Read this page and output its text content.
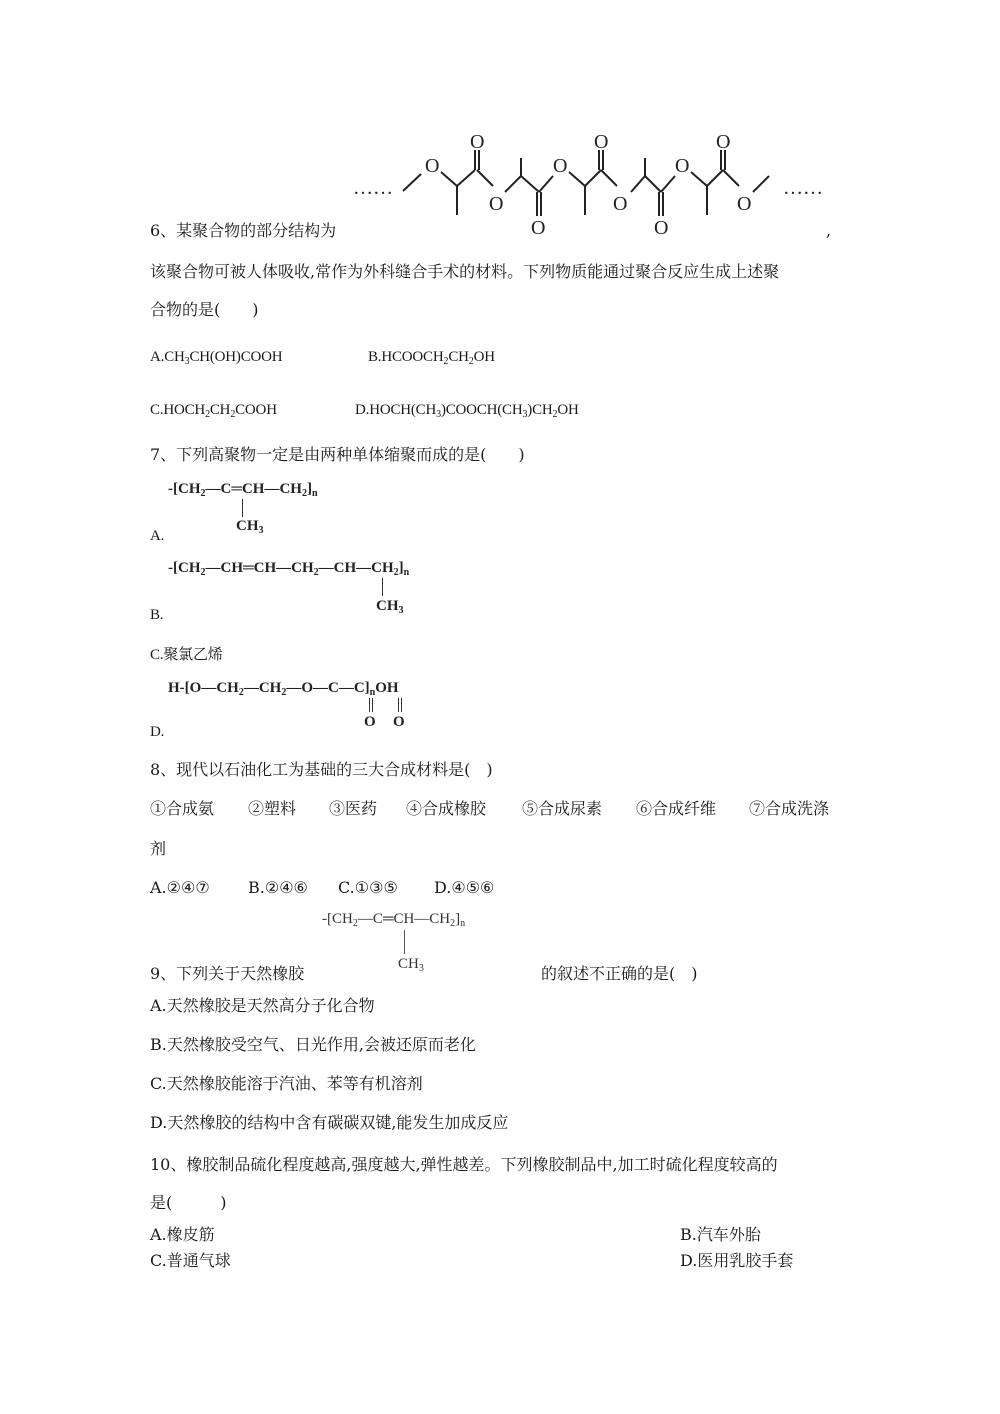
……
O
O
O
O
O
O
O
O
O
O
O
……
6、某聚合物的部分结构为	,
该聚合物可被人体吸收,常作为外科缝合手术的材料。下列物质能通过聚合反应生成上述聚
合物的是(　　)
$A.CH_3CH(OH)COOH$	$B.HCOOCH_2CH_2OH$
$C.HOCH_2CH_2COOH$	$D.HOCH(CH_3)COOCH(CH_3)CH_2OH$
7、下列高聚物一定是由两种单体缩聚而成的是(　　)
$-[CH_2—C═CH—CH_2]_n$
$CH_3$
A.
$-[CH_2—CH═CH—CH_2—CH—CH_2]_n$
$CH_3$
B.
C.聚氯乙烯
$H-[O—CH_2—CH_2—O—C—C]_nOH$
O O
D.
8、现代以石油化工为基础的三大合成材料是(　)
①合成氨	②塑料	③医药	④合成橡胶	⑤合成尿素	⑥合成纤维	⑦合成洗涤
剂
A.②④⑦ B.②④⑥ C.①③⑤ D.④⑤⑥
$-[CH_2—C═CH—CH_2]_n$
$CH_3$
9、下列关于天然橡胶	的叙述不正确的是(　)
A.天然橡胶是天然高分子化合物
B.天然橡胶受空气、日光作用,会被还原而老化
C.天然橡胶能溶于汽油、苯等有机溶剂
D.天然橡胶的结构中含有碳碳双键,能发生加成反应
10、橡胶制品硫化程度越高,强度越大,弹性越差。下列橡胶制品中,加工时硫化程度较高的
是(　　　)
A.橡皮筋	B.汽车外胎
C.普通气球	D.医用乳胶手套
